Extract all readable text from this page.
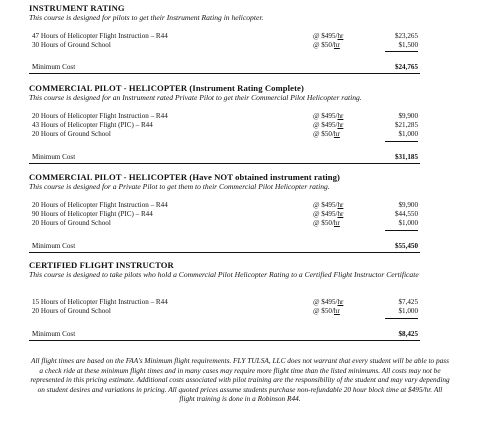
INSTRUMENT RATING
This course is designed for pilots to get their Instrument Rating in helicopter.
47 Hours of Helicopter Flight Instruction – R44	@ $495/hr	$23,265
30 Hours of Ground School	@ $50/hr	$1,500
Minimum Cost	$24,765
COMMERCIAL PILOT - HELICOPTER (Instrument Rating Complete)
This course is designed for an Instrument rated Private Pilot to get their Commercial Pilot Helicopter rating.
20 Hours of Helicopter Flight Instruction – R44	@ $495/hr	$9,900
43 Hours of Helicopter Flight (PIC) – R44	@ $495/hr	$21,285
20 Hours of Ground School	@ $50/hr	$1,000
Minimum Cost	$31,185
COMMERCIAL PILOT - HELICOPTER (Have NOT obtained instrument rating)
This course is designed for a Private Pilot to get them to their Commercial Pilot Helicopter rating.
20 Hours of Helicopter Flight Instruction – R44	@ $495/hr	$9,900
90 Hours of Helicopter Flight (PIC) – R44	@ $495/hr	$44,550
20 Hours of Ground School	@ $50/hr	$1,000
Minimum Cost	$55,450
CERTIFIED FLIGHT INSTRUCTOR
This course is designed to take pilots who hold a Commercial Pilot Helicopter Rating to a Certified Flight Instructor Certificate
15 Hours of Helicopter Flight Instruction – R44	@ $495/hr	$7,425
20 Hours of Ground School	@ $50/hr	$1,000
Minimum Cost	$8,425
All flight times are based on the FAA's Minimum flight requirements. FLY TULSA, LLC does not warrant that every student will be able to pass a check ride at these minimum flight times and in many cases may require more flight time than the listed minimums. All costs may not be represented in this pricing estimate. Additional costs associated with pilot training are the responsibility of the student and may vary depending on student desires and variations in pricing. All quoted prices assume students purchase non-refundable 20 hour block time at $495/hr. All flight training is done in a Robinson R44.
